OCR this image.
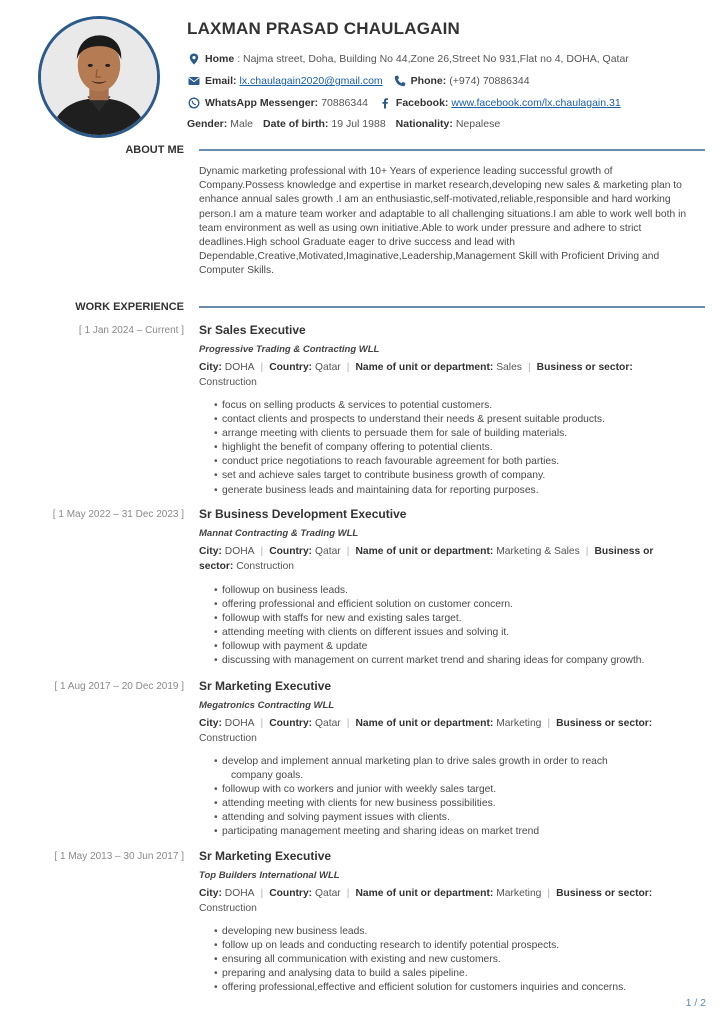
LAXMAN PRASAD CHAULAGAIN
Home : Najma street, Doha, Building No 44,Zone 26,Street No 931,Flat no 4, DOHA, Qatar
Email: lx.chaulagain2020@gmail.com	Phone: (+974) 70886344
WhatsApp Messenger: 70886344	Facebook: www.facebook.com/lx.chaulagain.31
Gender: Male Date of birth: 19 Jul 1988 Nationality: Nepalese
ABOUT ME
Dynamic marketing professional with 10+ Years of experience leading successful growth of Company.Possess knowledge and expertise in market research,developing new sales & marketing plan to enhance annual sales growth .I am an enthusiastic,self-motivated,reliable,responsible and hard working person.I am a mature team worker and adaptable to all challenging situations.I am able to work well both in team environment as well as using own initiative.Able to work under pressure and adhere to strict deadlines.High school Graduate eager to drive success and lead with Dependable,Creative,Motivated,Imaginative,Leadership,Management Skill with Proficient Driving and Computer Skills.
WORK EXPERIENCE
[ 1 Jan 2024 – Current ] Sr Sales Executive
Progressive Trading & Contracting WLL
City: DOHA | Country: Qatar | Name of unit or department: Sales | Business or sector:
Construction
• focus on selling products & services to potential customers.
• contact clients and prospects to understand their needs & present suitable products.
• arrange meeting with clients to persuade them for sale of building materials.
• highlight the benefit of company offering to potential clients.
• conduct price negotiations to reach favourable agreement for both parties.
• set and achieve sales target to contribute business growth of company.
• generate business leads and maintaining data for reporting purposes.
[ 1 May 2022 – 31 Dec 2023 ] Sr Business Development Executive
Mannat Contracting & Trading WLL
City: DOHA | Country: Qatar | Name of unit or department: Marketing & Sales | Business or
sector: Construction
• followup on business leads.
• offering professional and efficient solution on customer concern.
• followup with staffs for new and existing sales target.
• attending meeting with clients on different issues and solving it.
• followup with payment & update
• discussing with management on current market trend and sharing ideas for company growth.
[ 1 Aug 2017 – 20 Dec 2019 ] Sr Marketing Executive
Megatronics Contracting WLL
City: DOHA | Country: Qatar | Name of unit or department: Marketing | Business or sector:
Construction
• develop and implement annual marketing plan to drive sales growth in order to reach
company goals.
• followup with co workers and junior with weekly sales target.
• attending meeting with clients for new business possibilities.
• attending and solving payment issues with clients.
• participating management meeting and sharing ideas on market trend
[ 1 May 2013 – 30 Jun 2017 ] Sr Marketing Executive
Top Builders International WLL
City: DOHA | Country: Qatar | Name of unit or department: Marketing | Business or sector:
Construction
• developing new business leads.
• follow up on leads and conducting research to identify potential prospects.
• ensuring all communication with existing and new customers.
• preparing and analysing data to build a sales pipeline.
• offering professional,effective and efficient solution for customers inquiries and concerns.
1 / 2
